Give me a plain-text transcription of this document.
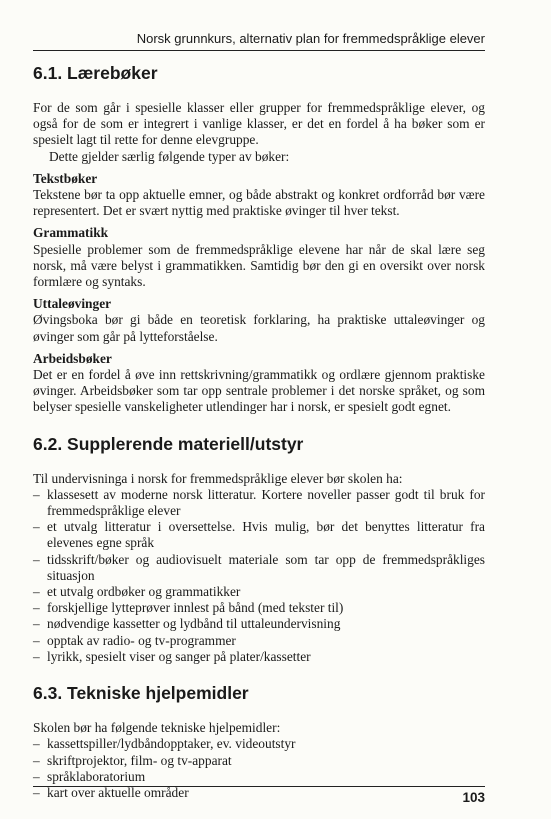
Norsk grunnkurs, alternativ plan for fremmedspråklige elever
6.1. Lærebøker

For de som går i spesielle klasser eller grupper for fremmedspråklige elever, og også for de som er integrert i vanlige klasser, er det en fordel å ha bøker som er spesielt lagt til rette for denne elevgruppe.

Dette gjelder særlig følgende typer av bøker:

Tekstbøker

Tekstene bør ta opp aktuelle emner, og både abstrakt og konkret ordforråd bør være representert. Det er svært nyttig med praktiske øvinger til hver tekst.

Grammatikk

Spesielle problemer som de fremmedspråklige elevene har når de skal lære seg norsk, må være belyst i grammatikken. Samtidig bør den gi en oversikt over norsk formlære og syntaks.

Uttaleøvinger

Øvingsboka bør gi både en teoretisk forklaring, ha praktiske uttaleøvinger og øvinger som går på lytteforståelse.

Arbeidsbøker

Det er en fordel å øve inn rettskrivning/grammatikk og ordlære gjennom praktiske øvinger. Arbeidsbøker som tar opp sentrale problemer i det norske språket, og som belyser spesielle vanskeligheter utlendinger har i norsk, er spesielt godt egnet.

6.2. Supplerende materiell/utstyr

Til undervisninga i norsk for fremmedspråklige elever bør skolen ha:

– klassesett av moderne norsk litteratur. Kortere noveller passer godt til bruk for fremmedspråklige elever
– et utvalg litteratur i oversettelse. Hvis mulig, bør det benyttes litteratur fra elevenes egne språk
– tidsskrift/bøker og audiovisuelt materiale som tar opp de fremmedspråkliges situasjon
– et utvalg ordbøker og grammatikker
– forskjellige lytteprøver innlest på bånd (med tekster til)
– nødvendige kassetter og lydbånd til uttaleundervisning
– opptak av radio- og tv-programmer
– lyrikk, spesielt viser og sanger på plater/kassetter
6.3. Tekniske hjelpemidler

Skolen bør ha følgende tekniske hjelpemidler:

– kassettspiller/lydbåndopptaker, ev. videoutstyr
– skriftprojektor, film- og tv-apparat
– språklaboratorium
– kart over aktuelle områder	103
